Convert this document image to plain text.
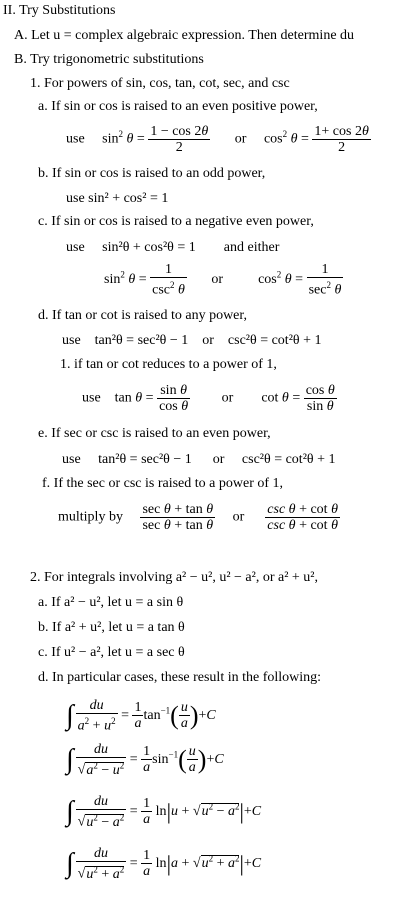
II. Try Substitutions
A. Let u = complex algebraic expression. Then determine du
B. Try trigonometric substitutions
1. For powers of sin, cos, tan, cot, sec, and csc
a. If sin or cos is raised to an even positive power,
use     $\sin^2 \theta = \frac{1 - \cos 2\theta}{2}$ or     $\cos^2 \theta = \frac{1+ \cos 2\theta}{2}$
b. If sin or cos is raised to an odd power,
use sin² + cos² = 1
c. If sin or cos is raised to a negative even power,
use sin²θ + cos²θ = 1 and either
$\sin^2 \theta$ =
1
$\csc^2 \theta$
or          $\cos^2 \theta$ =
1
$\sec^2 \theta$
d. If tan or cot is raised to any power,
use tan²θ = sec²θ − 1 or csc²θ = cot²θ + 1
1. if tan or cot reduces to a power of 1,
use    $\tan \theta = \frac{\text{sin θ}}{\text{cos θ}}$ or        $\cot \theta = \frac{\text{cos θ}}{\text{sin θ}}$
e. If sec or csc is raised to an even power,
use tan²θ = sec²θ − 1 or csc²θ = cot²θ + 1
f. If the sec or csc is raised to a power of 1,
multiply by
sec θ + tan θ
sec θ + tan θ
or
csc θ + cot θ
csc θ + cot θ
2. For integrals involving a² − u², u² − a², or a² + u²,
a. If a² − u², let u = a sin θ
b. If a² + u², let u = a tan θ
c. If u² − a², let u = a sec θ
d. In particular cases, these result in the following:
∫ $\frac{du}{a^2 + u^2} = \frac{1}{a} \tan^{-1}( \frac{u}{a} )+C$
∫ $\frac{du}{√a^2 - u^2} = \frac{1}{a} \sin^{-1}( \frac{u}{a} )+C$
∫ $\frac{du}{√u^2 - a^2} = \frac{1}{a} \ln|u + √u^2 - a^2|+C$
∫ $\frac{du}{√u^2 + a^2} = \frac{1}{a} \ln|a + √u^2 + a^2|+C$
